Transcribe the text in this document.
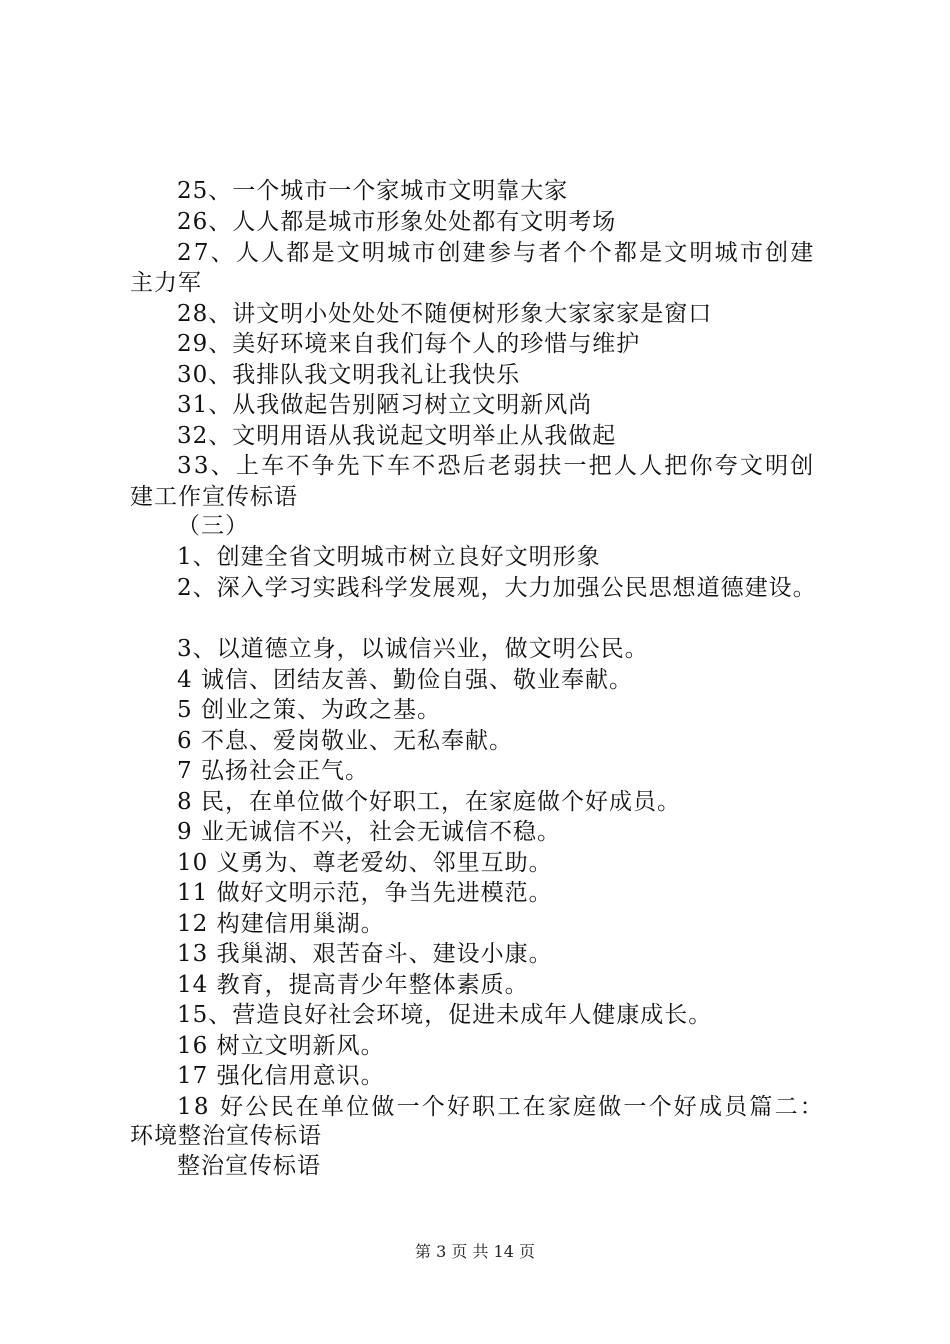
25、一个城市一个家城市文明靠大家
26、人人都是城市形象处处都有文明考场
27、人人都是文明城市创建参与者个个都是文明城市创建
主力军
28、讲文明小处处处不随便树形象大家家家是窗口
29、美好环境来自我们每个人的珍惜与维护
30、我排队我文明我礼让我快乐
31、从我做起告别陋习树立文明新风尚
32、文明用语从我说起文明举止从我做起
33、上车不争先下车不恐后老弱扶一把人人把你夸文明创
建工作宣传标语
（三）
1、创建全省文明城市树立良好文明形象
2、深入学习实践科学发展观，大力加强公民思想道德建设。
3、以道德立身，以诚信兴业，做文明公民。
4 诚信、团结友善、勤俭自强、敬业奉献。
5 创业之策、为政之基。
6 不息、爱岗敬业、无私奉献。
7 弘扬社会正气。
8 民，在单位做个好职工，在家庭做个好成员。
9 业无诚信不兴，社会无诚信不稳。
10 义勇为、尊老爱幼、邻里互助。
11 做好文明示范，争当先进模范。
12 构建信用巢湖。
13 我巢湖、艰苦奋斗、建设小康。
14 教育，提高青少年整体素质。
15、营造良好社会环境，促进未成年人健康成长。
16 树立文明新风。
17 强化信用意识。
18 好公民在单位做一个好职工在家庭做一个好成员篇二：
环境整治宣传标语
整治宣传标语
第 3 页 共 14 页
